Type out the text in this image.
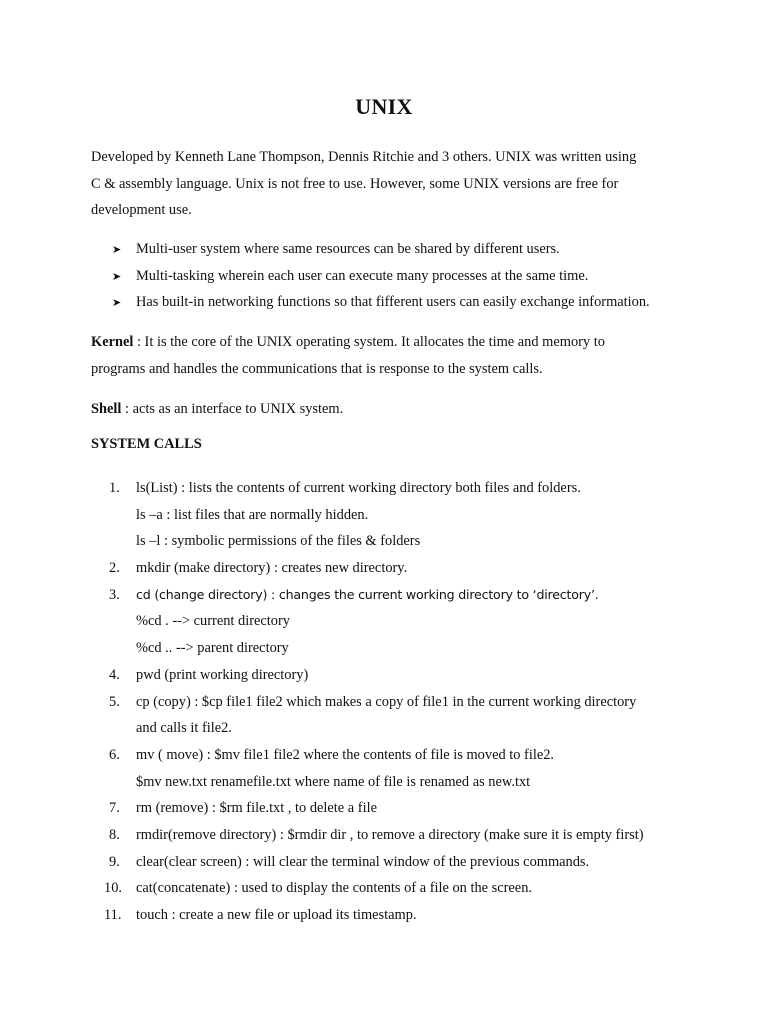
UNIX
Developed by Kenneth Lane Thompson, Dennis Ritchie and 3 others. UNIX was written using
C & assembly language. Unix is not free to use. However, some UNIX versions are free for
development use.
➤ Multi-user system where same resources can be shared by different users.
➤ Multi-tasking wherein each user can execute many processes at the same time.
➤ Has built-in networking functions so that fifferent users can easily exchange information.
Kernel : It is the core of the UNIX operating system. It allocates the time and memory to
programs and handles the communications that is response to the system calls.
Shell : acts as an interface to UNIX system.
SYSTEM CALLS
1. ls(List) : lists the contents of current working directory both files and folders.
ls –a : list files that are normally hidden.
ls –l : symbolic permissions of the files & folders
2. mkdir (make directory) : creates new directory.
3. cd (change directory) : changes the current working directory to ‘directory’.
%cd . --> current directory
%cd .. --> parent directory
4. pwd (print working directory)
5. cp (copy) : $cp file1 file2 which makes a copy of file1 in the current working directory
and calls it file2.
6. mv ( move) : $mv file1 file2 where the contents of file is moved to file2.
$mv new.txt renamefile.txt where name of file is renamed as new.txt
7. rm (remove) : $rm file.txt , to delete a file
8. rmdir(remove directory) : $rmdir dir , to remove a directory (make sure it is empty first)
9. clear(clear screen) : will clear the terminal window of the previous commands.
10. cat(concatenate) : used to display the contents of a file on the screen.
11. touch : create a new file or upload its timestamp.
